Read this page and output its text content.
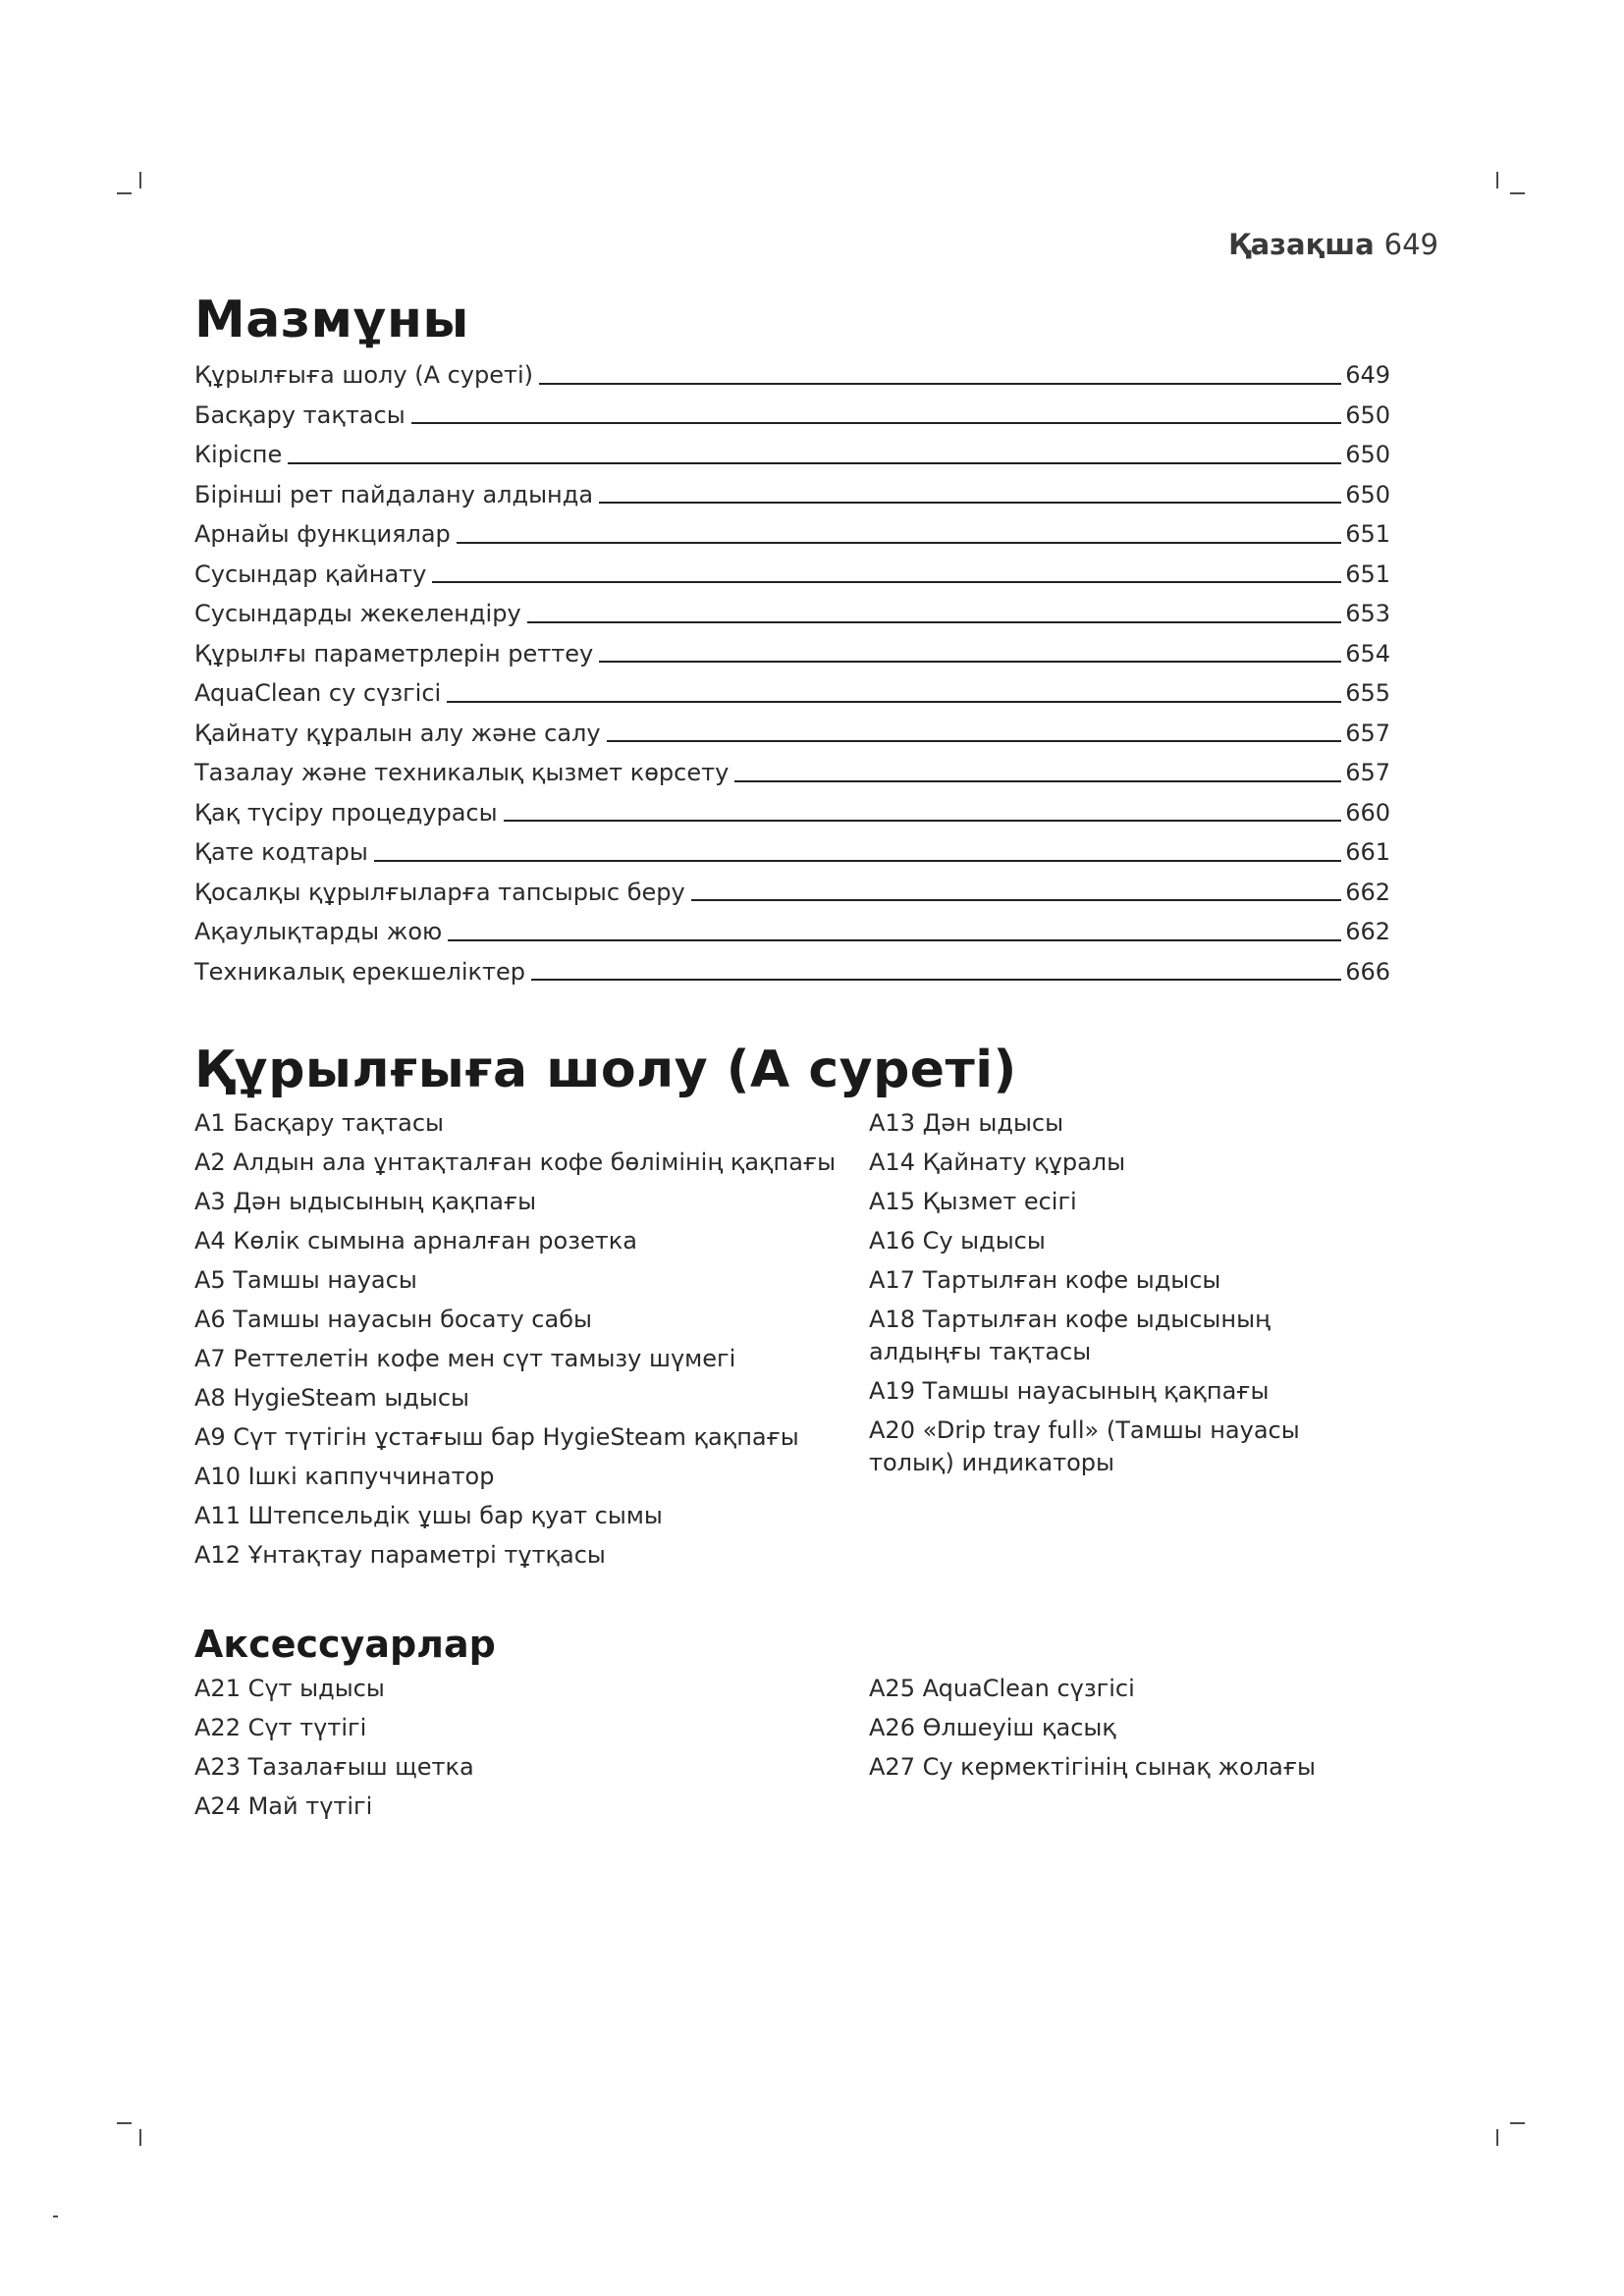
Қазақша 649
Мазмұны
Құрылғыға шолу (A суреті)	649
Басқару тақтасы	650
Кіріспе	650
Бірінші рет пайдалану алдында	650
Арнайы функциялар	651
Сусындар қайнату	651
Сусындарды жекелендіру	653
Құрылғы параметрлерін реттеу	654
AquaClean су сүзгісі	655
Қайнату құралын алу және салу	657
Тазалау және техникалық қызмет көрсету	657
Қақ түсіру процедурасы	660
Қате кодтары	661
Қосалқы құрылғыларға тапсырыс беру	662
Ақаулықтарды жою	662
Техникалық ерекшеліктер	666
Құрылғыға шолу (A суреті)
A1 Басқару тақтасы
A2 Алдын ала ұнтақталған кофе бөлімінің қақпағы
A3 Дән ыдысының қақпағы
A4 Көлік сымына арналған розетка
A5 Тамшы науасы
A6 Тамшы науасын босату сабы
A7 Реттелетін кофе мен сүт тамызу шүмегі
A8 HygieSteam ыдысы
A9 Сүт түтігін ұстағыш бар HygieSteam қақпағы
A10 Ішкі каппуччинатор
A11 Штепсельдік ұшы бар қуат сымы
A12 Ұнтақтау параметрі тұтқасы
A13 Дән ыдысы
A14 Қайнату құралы
A15 Қызмет есігі
A16 Су ыдысы
A17 Тартылған кофе ыдысы
A18 Тартылған кофе ыдысының алдыңғы тақтасы
A19 Тамшы науасының қақпағы
A20 «Drip tray full» (Тамшы науасы толық) индикаторы
Аксессуарлар
A21 Сүт ыдысы
A22 Сүт түтігі
A23 Тазалағыш щетка
A24 Май түтігі
A25 AquaClean сүзгісі
A26 Өлшеуіш қасық
A27 Су кермектігінің сынақ жолағы
